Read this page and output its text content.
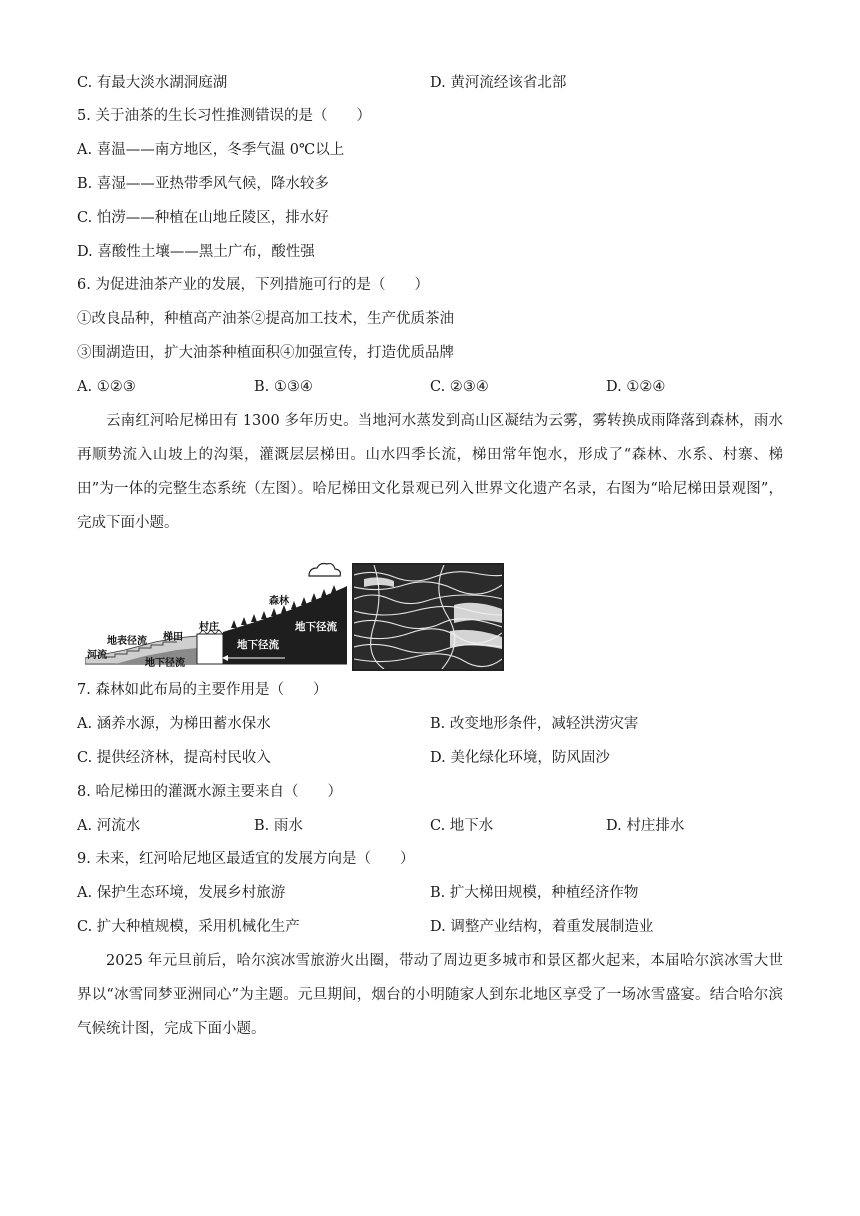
C. 有最大淡水湖洞庭湖	D. 黄河流经该省北部
5. 关于油茶的生长习性推测错误的是（　　）
A. 喜温——南方地区，冬季气温 0℃以上
B. 喜湿——亚热带季风气候，降水较多
C. 怕涝——种植在山地丘陵区，排水好
D. 喜酸性土壤——黑土广布，酸性强
6. 为促进油茶产业的发展，下列措施可行的是（　　）
①改良品种，种植高产油茶②提高加工技术，生产优质茶油
③围湖造田，扩大油茶种植面积④加强宣传，打造优质品牌
A. ①②③	B. ①③④	C. ②③④	D. ①②④
云南红河哈尼梯田有 1300 多年历史。当地河水蒸发到高山区凝结为云雾，雾转换成雨降落到森林，雨水再顺势流入山坡上的沟渠，灌溉层层梯田。山水四季长流，梯田常年饱水，形成了“森林、水系、村寨、梯田”为一体的完整生态系统（左图）。哈尼梯田文化景观已列入世界文化遗产名录，右图为“哈尼梯田景观图”，完成下面小题。
河流
地表径流 梯田
村庄
森林
地下径流
地下径流
地下径流
7. 森林如此布局的主要作用是（　　）
A. 涵养水源，为梯田蓄水保水	B. 改变地形条件，减轻洪涝灾害
C. 提供经济林，提高村民收入	D. 美化绿化环境，防风固沙
8. 哈尼梯田的灌溉水源主要来自（　　）
A. 河流水	B. 雨水	C. 地下水	D. 村庄排水
9. 未来，红河哈尼地区最适宜的发展方向是（　　）
A. 保护生态环境，发展乡村旅游	B. 扩大梯田规模，种植经济作物
C. 扩大种植规模，采用机械化生产	D. 调整产业结构，着重发展制造业
2025 年元旦前后，哈尔滨冰雪旅游火出圈，带动了周边更多城市和景区都火起来，本届哈尔滨冰雪大世界以“冰雪同梦亚洲同心”为主题。元旦期间，烟台的小明随家人到东北地区享受了一场冰雪盛宴。结合哈尔滨气候统计图，完成下面小题。
